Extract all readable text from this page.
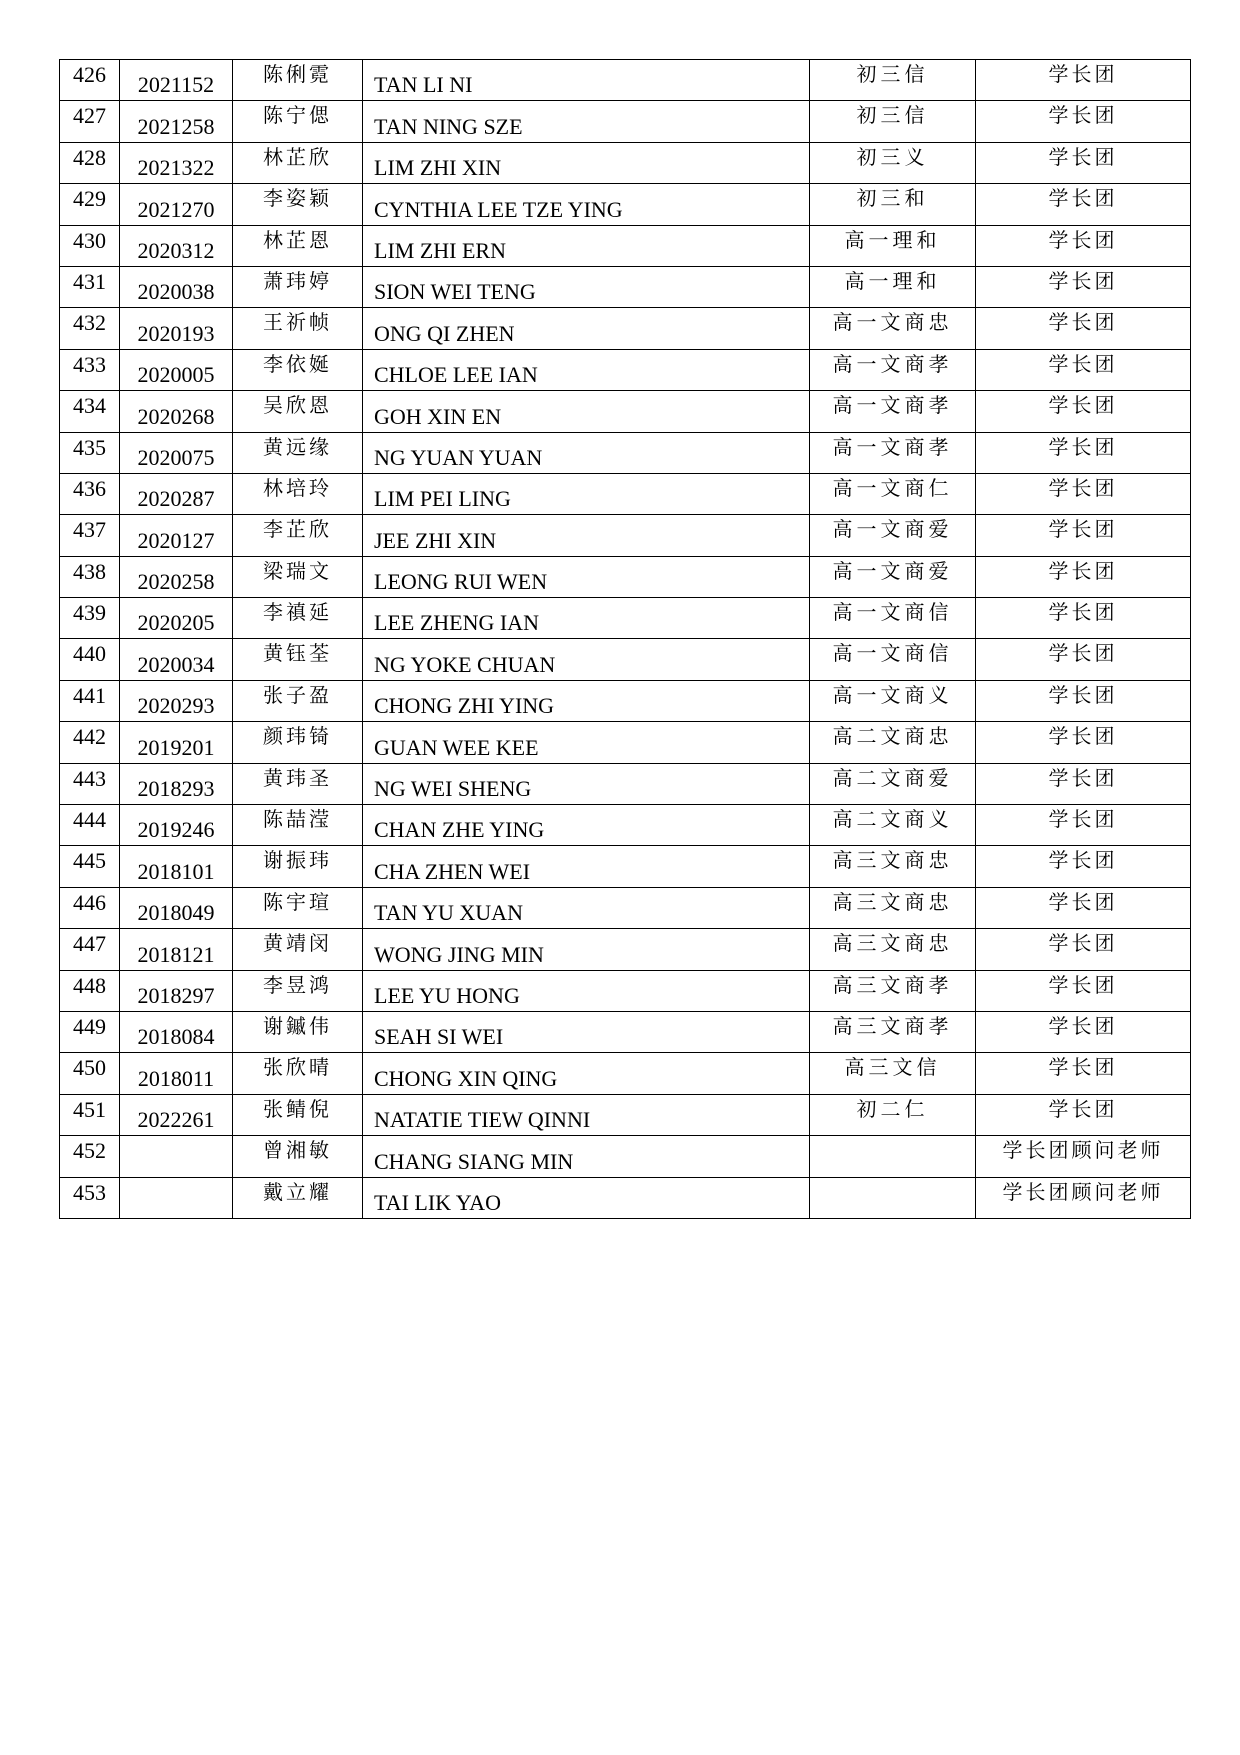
426	2021152	陈俐霓	TAN LI NI	初三信	学长团
427	2021258	陈宁偲	TAN NING SZE	初三信	学长团
428	2021322	林芷欣	LIM ZHI XIN	初三义	学长团
429	2021270	李姿颖	CYNTHIA LEE TZE YING	初三和	学长团
430	2020312	林芷恩	LIM ZHI ERN	高一理和	学长团
431	2020038	萧玮婷	SION WEI TENG	高一理和	学长团
432	2020193	王祈帧	ONG QI ZHEN	高一文商忠	学长团
433	2020005	李依娫	CHLOE LEE IAN	高一文商孝	学长团
434	2020268	吴欣恩	GOH XIN EN	高一文商孝	学长团
435	2020075	黄远缘	NG YUAN YUAN	高一文商孝	学长团
436	2020287	林培玲	LIM PEI LING	高一文商仁	学长团
437	2020127	李芷欣	JEE ZHI XIN	高一文商爱	学长团
438	2020258	梁瑞文	LEONG RUI WEN	高一文商爱	学长团
439	2020205	李禛延	LEE ZHENG IAN	高一文商信	学长团
440	2020034	黄钰荃	NG YOKE CHUAN	高一文商信	学长团
441	2020293	张子盈	CHONG ZHI YING	高一文商义	学长团
442	2019201	颜玮锜	GUAN WEE KEE	高二文商忠	学长团
443	2018293	黄玮圣	NG WEI SHENG	高二文商爱	学长团
444	2019246	陈喆滢	CHAN ZHE YING	高二文商义	学长团
445	2018101	谢振玮	CHA ZHEN WEI	高三文商忠	学长团
446	2018049	陈宇瑄	TAN YU XUAN	高三文商忠	学长团
447	2018121	黄靖闵	WONG JING MIN	高三文商忠	学长团
448	2018297	李昱鸿	LEE YU HONG	高三文商孝	学长团
449	2018084	谢鏚伟	SEAH SI WEI	高三文商孝	学长团
450	2018011	张欣晴	CHONG XIN QING	高三文信	学长团
451	2022261	张鲭倪	NATATIE TIEW QINNI	初二仁	学长团
452		曾湘敏	CHANG SIANG MIN		学长团顾问老师
453		戴立耀	TAI LIK YAO		学长团顾问老师
